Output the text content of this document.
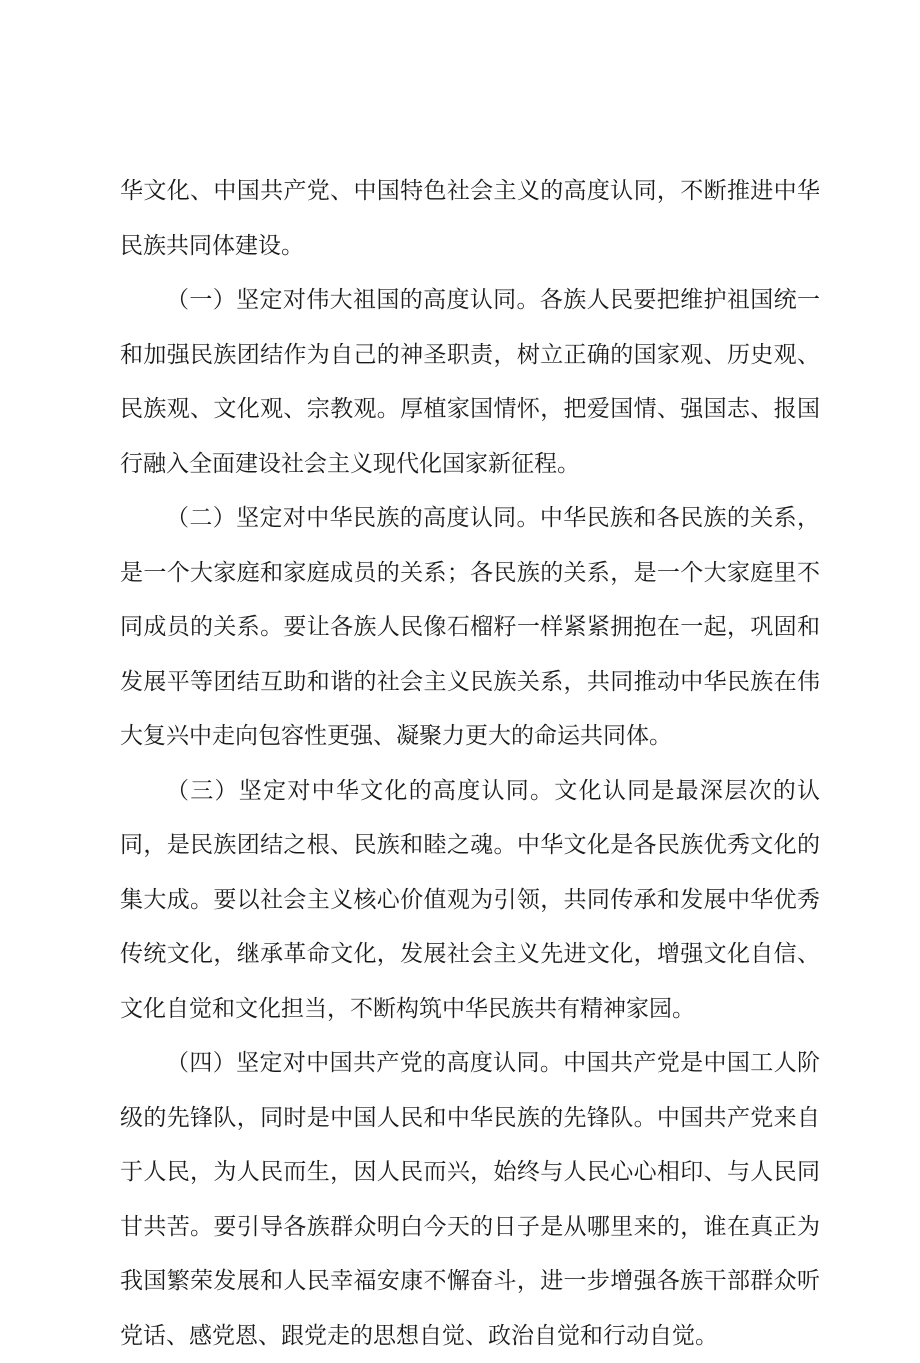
华文化、中国共产党、中国特色社会主义的高度认同，不断推进中华民族共同体建设。

（一）坚定对伟大祖国的高度认同。各族人民要把维护祖国统一和加强民族团结作为自己的神圣职责，树立正确的国家观、历史观、民族观、文化观、宗教观。厚植家国情怀，把爱国情、强国志、报国行融入全面建设社会主义现代化国家新征程。

（二）坚定对中华民族的高度认同。中华民族和各民族的关系，是一个大家庭和家庭成员的关系；各民族的关系，是一个大家庭里不同成员的关系。要让各族人民像石榴籽一样紧紧拥抱在一起，巩固和发展平等团结互助和谐的社会主义民族关系，共同推动中华民族在伟大复兴中走向包容性更强、凝聚力更大的命运共同体。

（三）坚定对中华文化的高度认同。文化认同是最深层次的认同，是民族团结之根、民族和睦之魂。中华文化是各民族优秀文化的集大成。要以社会主义核心价值观为引领，共同传承和发展中华优秀传统文化，继承革命文化，发展社会主义先进文化，增强文化自信、文化自觉和文化担当，不断构筑中华民族共有精神家园。

（四）坚定对中国共产党的高度认同。中国共产党是中国工人阶级的先锋队，同时是中国人民和中华民族的先锋队。中国共产党来自于人民，为人民而生，因人民而兴，始终与人民心心相印、与人民同甘共苦。要引导各族群众明白今天的日子是从哪里来的，谁在真正为我国繁荣发展和人民幸福安康不懈奋斗，进一步增强各族干部群众听党话、感党恩、跟党走的思想自觉、政治自觉和行动自觉。
